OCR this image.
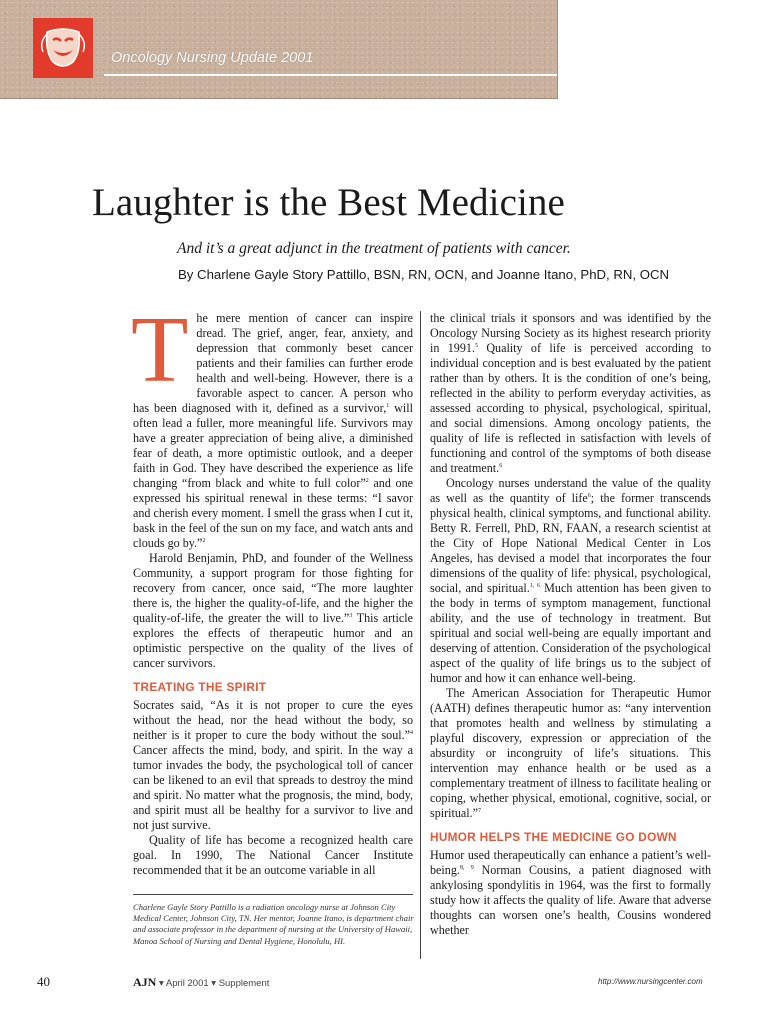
Oncology Nursing Update 2001
Laughter is the Best Medicine
And it’s a great adjunct in the treatment of patients with cancer.
By Charlene Gayle Story Pattillo, BSN, RN, OCN, and Joanne Itano, PhD, RN, OCN

The mere mention of cancer can inspire dread. The grief, anger, fear, anxiety, and depression that commonly beset cancer patients and their families can further erode health and well-being. However, there is a favorable aspect to cancer. A person who has been diagnosed with it, defined as a survivor,$^1$ will often lead a fuller, more meaningful life. Survivors may have a greater appreciation of being alive, a diminished fear of death, a more optimistic outlook, and a deeper faith in God. They have described the experience as life changing “from black and white to full color”$^2$ and one expressed his spiritual renewal in these terms: “I savor and cherish every moment. I smell the grass when I cut it, bask in the feel of the sun on my face, and watch ants and clouds go by.”$^2$

Harold Benjamin, PhD, and founder of the Wellness Community, a support program for those fighting for recovery from cancer, once said, “The more laughter there is, the higher the quality-of-life, and the higher the quality-of-life, the greater the will to live.”$^3$ This article explores the effects of therapeutic humor and an optimistic perspective on the quality of the lives of cancer survivors.

TREATING THE SPIRIT

Socrates said, “As it is not proper to cure the eyes without the head, nor the head without the body, so neither is it proper to cure the body without the soul.”$^4$ Cancer affects the mind, body, and spirit. In the way a tumor invades the body, the psychological toll of cancer can be likened to an evil that spreads to destroy the mind and spirit. No matter what the prognosis, the mind, body, and spirit must all be healthy for a survivor to live and not just survive.

Quality of life has become a recognized health care goal. In 1990, The National Cancer Institute recommended that it be an outcome variable in all

the clinical trials it sponsors and was identified by the Oncology Nursing Society as its highest research priority in 1991.$^5$ Quality of life is perceived according to individual conception and is best evaluated by the patient rather than by others. It is the condition of one’s being, reflected in the ability to perform everyday activities, as assessed according to physical, psychological, spiritual, and social dimensions. Among oncology patients, the quality of life is reflected in satisfaction with levels of functioning and control of the symptoms of both disease and treatment.$^6$

Oncology nurses understand the value of the quality as well as the quantity of life$^6$; the former transcends physical health, clinical symptoms, and functional ability. Betty R. Ferrell, PhD, RN, FAAN, a research scientist at the City of Hope National Medical Center in Los Angeles, has devised a model that incorporates the four dimensions of the quality of life: physical, psychological, social, and spiritual.$^{1, 6}$ Much attention has been given to the body in terms of symptom management, functional ability, and the use of technology in treatment. But spiritual and social well-being are equally important and deserving of attention. Consideration of the psychological aspect of the quality of life brings us to the subject of humor and how it can enhance well-being.

The American Association for Therapeutic Humor (AATH) defines therapeutic humor as: “any intervention that promotes health and wellness by stimulating a playful discovery, expression or appreciation of the absurdity or incongruity of life’s situations. This intervention may enhance health or be used as a complementary treatment of illness to facilitate healing or coping, whether physical, emotional, cognitive, social, or spiritual.”$^7$

HUMOR HELPS THE MEDICINE GO DOWN

Humor used therapeutically can enhance a patient’s well-being.$^{8, 9}$ Norman Cousins, a patient diagnosed with ankylosing spondylitis in 1964, was the first to formally study how it affects the quality of life. Aware that adverse thoughts can worsen one’s health, Cousins wondered whether

Charlene Gayle Story Pattillo is a radiation oncology nurse at Johnson City Medical Center, Johnson City, TN. Her mentor, Joanne Itano, is department chair and associate professor in the department of nursing at the University of Hawaii, Manoa School of Nursing and Dental Hygiene, Honolulu, HI.
40	AJN ▾ April 2001 ▾ Supplement	http://www.nursingcenter.com
